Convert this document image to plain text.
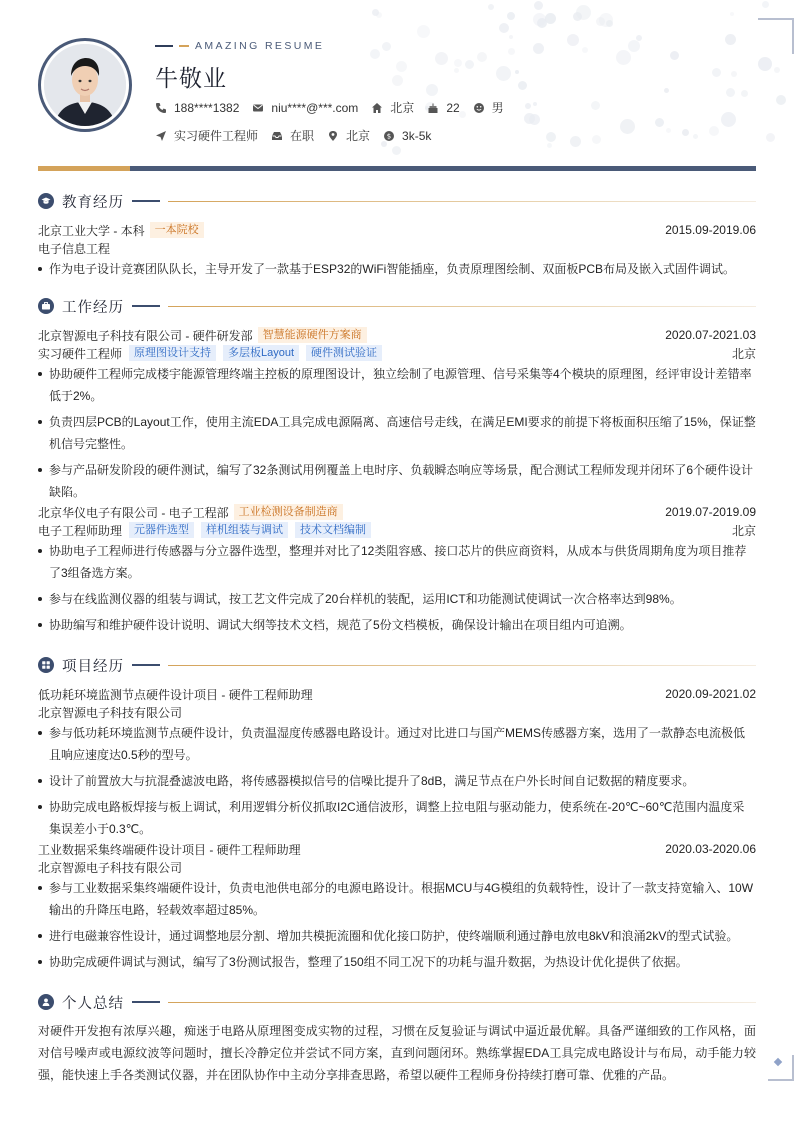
AMAZING RESUME
牛敬业
188****1382	niu****@***.com	北京	22	男
实习硬件工程师	在职	北京 $ 3k-5k
教育经历
北京工业大学 - 本科 一本院校	2015.09-2019.06
电子信息工程
作为电子设计竞赛团队队长，主导开发了一款基于ESP32的WiFi智能插座，负责原理图绘制、双面板PCB布局及嵌入式固件调试。
工作经历
北京智源电子科技有限公司 - 硬件研发部 智慧能源硬件方案商	2020.07-2021.03
实习硬件工程师	原理图设计支持	多层板Layout	硬件测试验证	北京
协助硬件工程师完成楼宇能源管理终端主控板的原理图设计，独立绘制了电源管理、信号采集等4个模块的原理图，经评审设计差错率低于2%。
负责四层PCB的Layout工作，使用主流EDA工具完成电源隔离、高速信号走线，在满足EMI要求的前提下将板面积压缩了15%，保证整机信号完整性。
参与产品研发阶段的硬件测试，编写了32条测试用例覆盖上电时序、负载瞬态响应等场景，配合测试工程师发现并闭环了6个硬件设计缺陷。
北京华仪电子有限公司 - 电子工程部 工业检测设备制造商	2019.07-2019.09
电子工程师助理	元器件选型	样机组装与调试	技术文档编制	北京
协助电子工程师进行传感器与分立器件选型，整理并对比了12类阻容感、接口芯片的供应商资料，从成本与供货周期角度为项目推荐了3组备选方案。
参与在线监测仪器的组装与调试，按工艺文件完成了20台样机的装配，运用ICT和功能测试使调试一次合格率达到98%。
协助编写和维护硬件设计说明、调试大纲等技术文档，规范了5份文档模板，确保设计输出在项目组内可追溯。
项目经历
低功耗环境监测节点硬件设计项目 - 硬件工程师助理	2020.09-2021.02
北京智源电子科技有限公司
参与低功耗环境监测节点硬件设计，负责温湿度传感器电路设计。通过对比进口与国产MEMS传感器方案，选用了一款静态电流极低且响应速度达0.5秒的型号。
设计了前置放大与抗混叠滤波电路，将传感器模拟信号的信噪比提升了8dB，满足节点在户外长时间自记数据的精度要求。
协助完成电路板焊接与板上调试，利用逻辑分析仪抓取I2C通信波形，调整上拉电阻与驱动能力，使系统在-20℃~60℃范围内温度采集误差小于0.3℃。
工业数据采集终端硬件设计项目 - 硬件工程师助理	2020.03-2020.06
北京智源电子科技有限公司
参与工业数据采集终端硬件设计，负责电池供电部分的电源电路设计。根据MCU与4G模组的负载特性，设计了一款支持宽输入、10W输出的升降压电路，轻载效率超过85%。
进行电磁兼容性设计，通过调整地层分割、增加共模扼流圈和优化接口防护，使终端顺利通过静电放电8kV和浪涌2kV的型式试验。
协助完成硬件调试与测试，编写了3份测试报告，整理了150组不同工况下的功耗与温升数据，为热设计优化提供了依据。
个人总结

对硬件开发抱有浓厚兴趣，痴迷于电路从原理图变成实物的过程，习惯在反复验证与调试中逼近最优解。具备严谨细致的工作风格，面对信号噪声或电源纹波等问题时，擅长冷静定位并尝试不同方案，直到问题闭环。熟练掌握EDA工具完成电路设计与布局，动手能力较强，能快速上手各类测试仪器，并在团队协作中主动分享排查思路，希望以硬件工程师身份持续打磨可靠、优雅的产品。
